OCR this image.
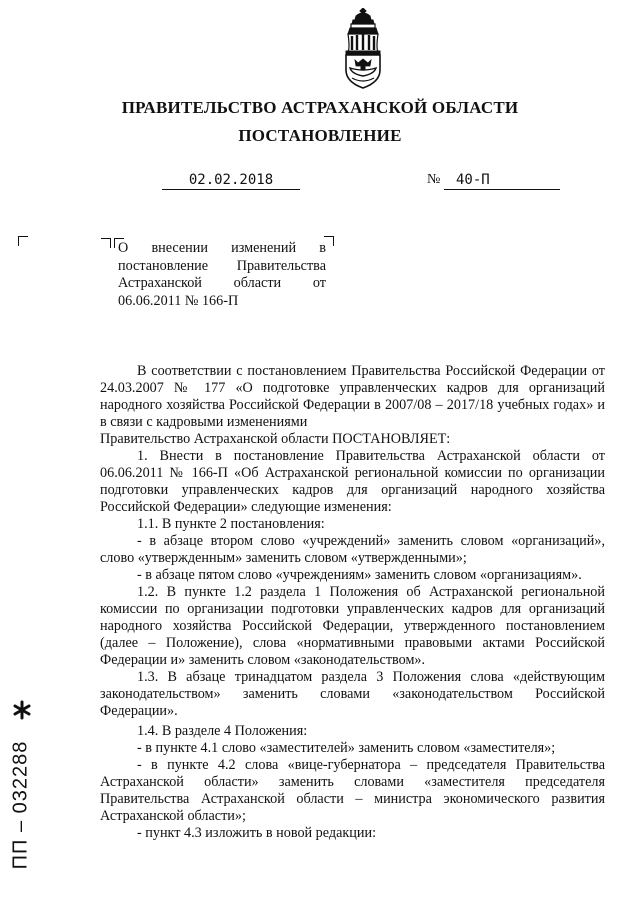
ПРАВИТЕЛЬСТВО АСТРАХАНСКОЙ ОБЛАСТИ
ПОСТАНОВЛЕНИЕ
02.02.2018	№	40-П
О внесении изменений в постановление Правительства Астраханской области от 06.06.2011 № 166-П

В соответствии с постановлением Правительства Российской Федерации от 24.03.2007 № 177 «О подготовке управленческих кадров для организаций народного хозяйства Российской Федерации в 2007/08 – 2017/18 учебных годах» и в связи с кадровыми изменениями

Правительство Астраханской области ПОСТАНОВЛЯЕТ:

1. Внести в постановление Правительства Астраханской области от 06.06.2011 № 166-П «Об Астраханской региональной комиссии по организации подготовки управленческих кадров для организаций народного хозяйства Российской Федерации» следующие изменения:

1.1. В пункте 2 постановления:

- в абзаце втором слово «учреждений» заменить словом «организаций», слово «утвержденным» заменить словом «утвержденными»;

- в абзаце пятом слово «учреждениям» заменить словом «организациям».

1.2. В пункте 1.2 раздела 1 Положения об Астраханской региональной комиссии по организации подготовки управленческих кадров для организаций народного хозяйства Российской Федерации, утвержденного постановлением (далее – Положение), слова «нормативными правовыми актами Российской Федерации и» заменить словом «законодательством».

1.3. В абзаце тринадцатом раздела 3 Положения слова «действующим законодательством» заменить словами «законодательством Российской Федерации».

1.4. В разделе 4 Положения:

- в пункте 4.1 слово «заместителей» заменить словом «заместителя»;

- в пункте 4.2 слова «вице-губернатора – председателя Правительства Астраханской области» заменить словами «заместителя председателя Правительства Астраханской области – министра экономического развития Астраханской области»;

- пункт 4.3 изложить в новой редакции:

ПП – 032288
